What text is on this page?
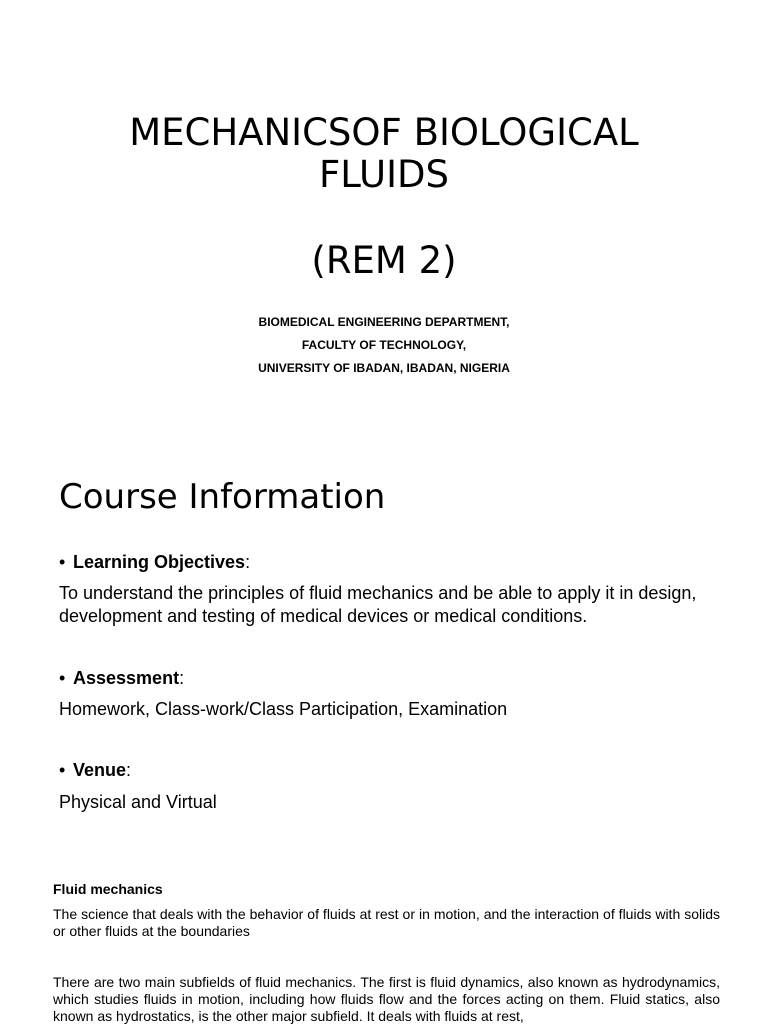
MECHANICSOF BIOLOGICAL
FLUIDS
(REM 2)
BIOMEDICAL ENGINEERING DEPARTMENT,
FACULTY OF TECHNOLOGY,
UNIVERSITY OF IBADAN, IBADAN, NIGERIA
Course Information
• Learning Objectives:
To understand the principles of fluid mechanics and be able to apply it in design, development and testing of medical devices or medical conditions.
• Assessment:
Homework, Class-work/Class Participation, Examination
• Venue:
Physical and Virtual
Fluid mechanics
The science that deals with the behavior of fluids at rest or in motion, and the interaction of fluids with solids or other fluids at the boundaries
There are two main subfields of fluid mechanics. The first is fluid dynamics, also known as hydrodynamics, which studies fluids in motion, including how fluids flow and the forces acting on them. Fluid statics, also known as hydrostatics, is the other major subfield. It deals with fluids at rest,
